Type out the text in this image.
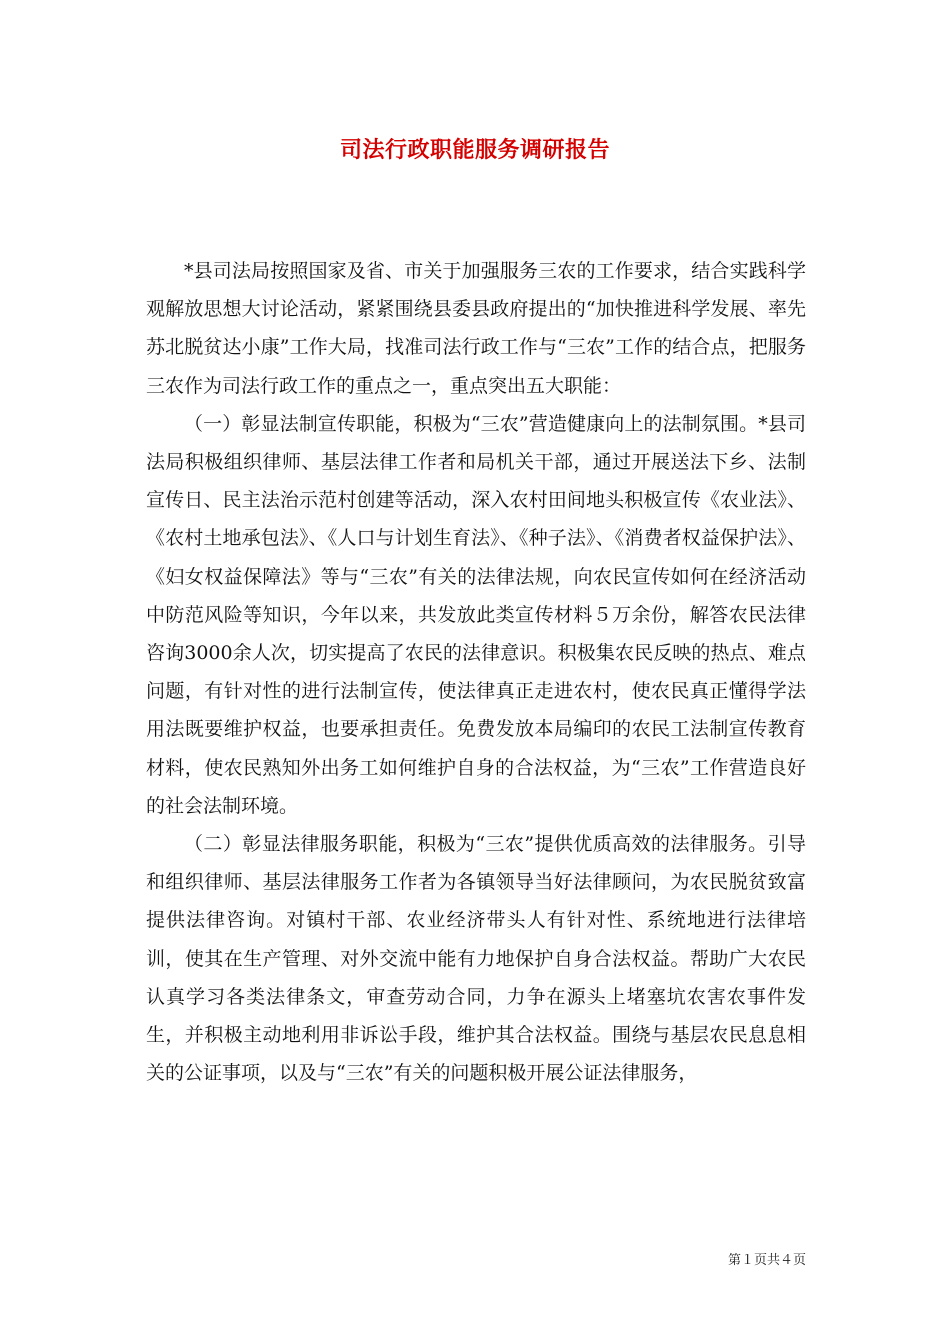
司法行政职能服务调研报告

*县司法局按照国家及省、市关于加强服务三农的工作要求，结合实践科学观解放思想大讨论活动，紧紧围绕县委县政府提出的“加快推进科学发展、率先苏北脱贫达小康”工作大局，找准司法行政工作与“三农”工作的结合点，把服务三农作为司法行政工作的重点之一，重点突出五大职能：

（一）彰显法制宣传职能，积极为“三农”营造健康向上的法制氛围。*县司法局积极组织律师、基层法律工作者和局机关干部，通过开展送法下乡、法制宣传日、民主法治示范村创建等活动，深入农村田间地头积极宣传《农业法》、《农村土地承包法》、《人口与计划生育法》、《种子法》、《消费者权益保护法》、《妇女权益保障法》等与“三农”有关的法律法规，向农民宣传如何在经济活动中防范风险等知识，今年以来，共发放此类宣传材料５万余份，解答农民法律咨询3000余人次，切实提高了农民的法律意识。积极集农民反映的热点、难点问题，有针对性的进行法制宣传，使法律真正走进农村，使农民真正懂得学法用法既要维护权益，也要承担责任。免费发放本局编印的农民工法制宣传教育材料，使农民熟知外出务工如何维护自身的合法权益，为“三农”工作营造良好的社会法制环境。

（二）彰显法律服务职能，积极为“三农”提供优质高效的法律服务。引导和组织律师、基层法律服务工作者为各镇领导当好法律顾问，为农民脱贫致富提供法律咨询。对镇村干部、农业经济带头人有针对性、系统地进行法律培训，使其在生产管理、对外交流中能有力地保护自身合法权益。帮助广大农民认真学习各类法律条文，审查劳动合同，力争在源头上堵塞坑农害农事件发生，并积极主动地利用非诉讼手段，维护其合法权益。围绕与基层农民息息相关的公证事项，以及与“三农”有关的问题积极开展公证法律服务，

第１页共４页
